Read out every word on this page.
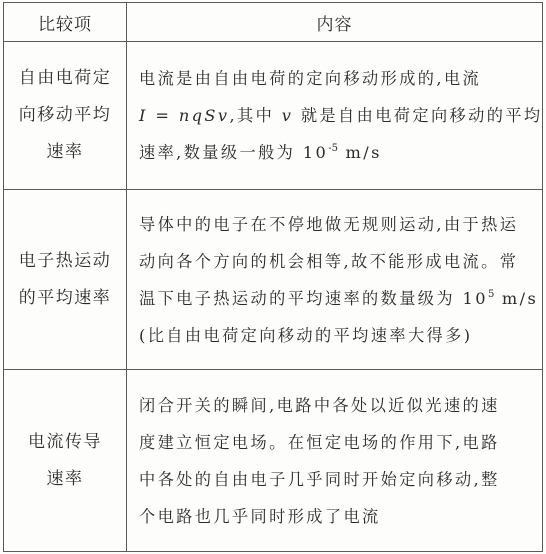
比较项	内容

自由电荷定
向移动平均
速率	电流是由自由电荷的定向移动形成的,电流
I = nqSv,其中 v 就是自由电荷定向移动的平均
速率,数量级一般为 $10^{-5}$ m/s

电子热运动
的平均速率	导体中的电子在不停地做无规则运动,由于热运
动向各个方向的机会相等,故不能形成电流。常
温下电子热运动的平均速率的数量级为 $10^5$ m/s
(比自由电荷定向移动的平均速率大得多)

电流传导
速率	闭合开关的瞬间,电路中各处以近似光速的速
度建立恒定电场。在恒定电场的作用下,电路
中各处的自由电子几乎同时开始定向移动,整
个电路也几乎同时形成了电流
